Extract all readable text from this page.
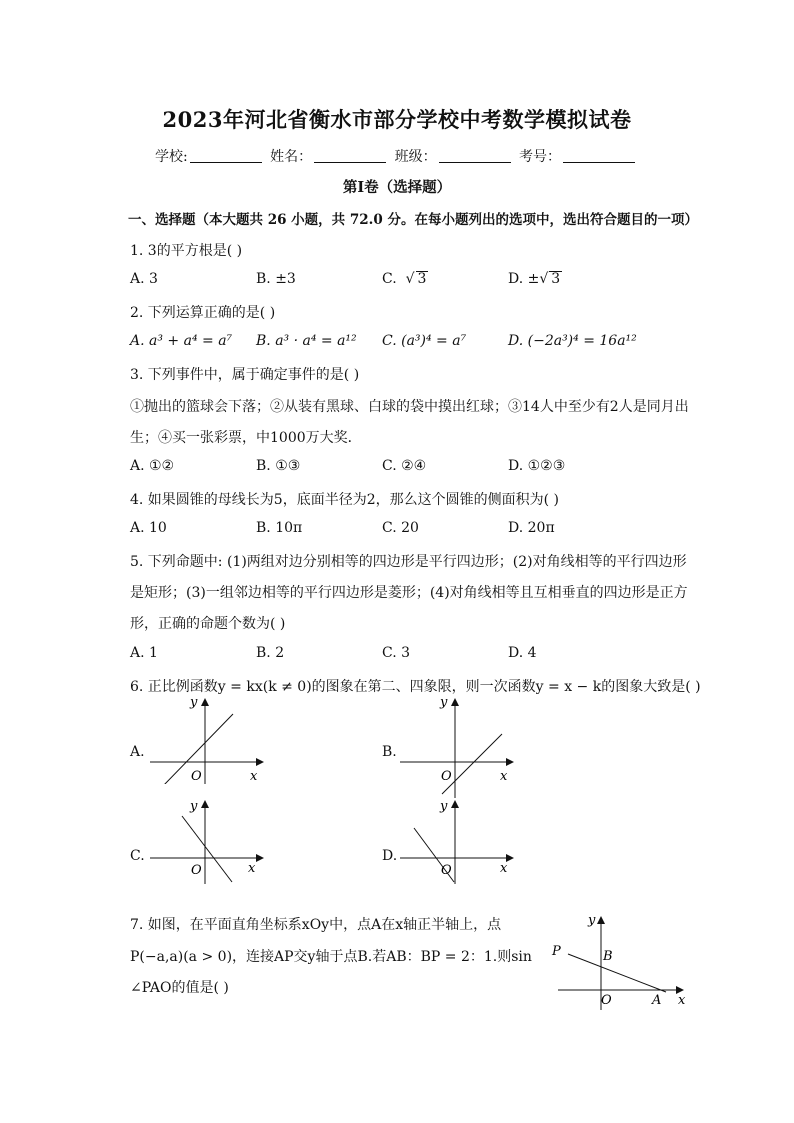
2023年河北省衡水市部分学校中考数学模拟试卷
学校:	姓名：	班级：	考号：
第Ⅰ卷（选择题）
一、选择题（本大题共 26 小题，共 72.0 分。在每小题列出的选项中，选出符合题目的一项）
1. 3的平方根是( )
A. 3	B. ±3	C.  √ 3	D. ±√ 3
2. 下列运算正确的是( )
A. a³ + a⁴ = a⁷ B. a³ · a⁴ = a¹² C. (a³)⁴ = a⁷	D. (−2a³)⁴ = 16a¹²
3. 下列事件中，属于确定事件的是( )
①抛出的篮球会下落；②从装有黑球、白球的袋中摸出红球；③14人中至少有2人是同月出
生；④买一张彩票，中1000万大奖．
A. ①②	B. ①③	C. ②④	D. ①②③
4. 如果圆锥的母线长为5，底面半径为2，那么这个圆锥的侧面积为( )
A. 10	B. 10π	C. 20	D. 20π
5. 下列命题中: (1)两组对边分别相等的四边形是平行四边形；(2)对角线相等的平行四边形
是矩形；(3)一组邻边相等的平行四边形是菱形；(4)对角线相等且互相垂直的四边形是正方
形，正确的命题个数为( )
A. 1	B. 2	C. 3	D. 4
6. 正比例函数y = kx(k ≠ 0)的图象在第二、四象限，则一次函数y = x − k的图象大致是( )
A.
y
x
O
B.
y
x
O
C.
y
x
O
D.
y
x
O
7. 如图，在平面直角坐标系xOy中，点A在x轴正半轴上，点
P(−a,a)(a > 0)，连接AP交y轴于点B.若AB：BP = 2：1.则sin
∠PAO的值是( )
y
x
O	A
B
P
